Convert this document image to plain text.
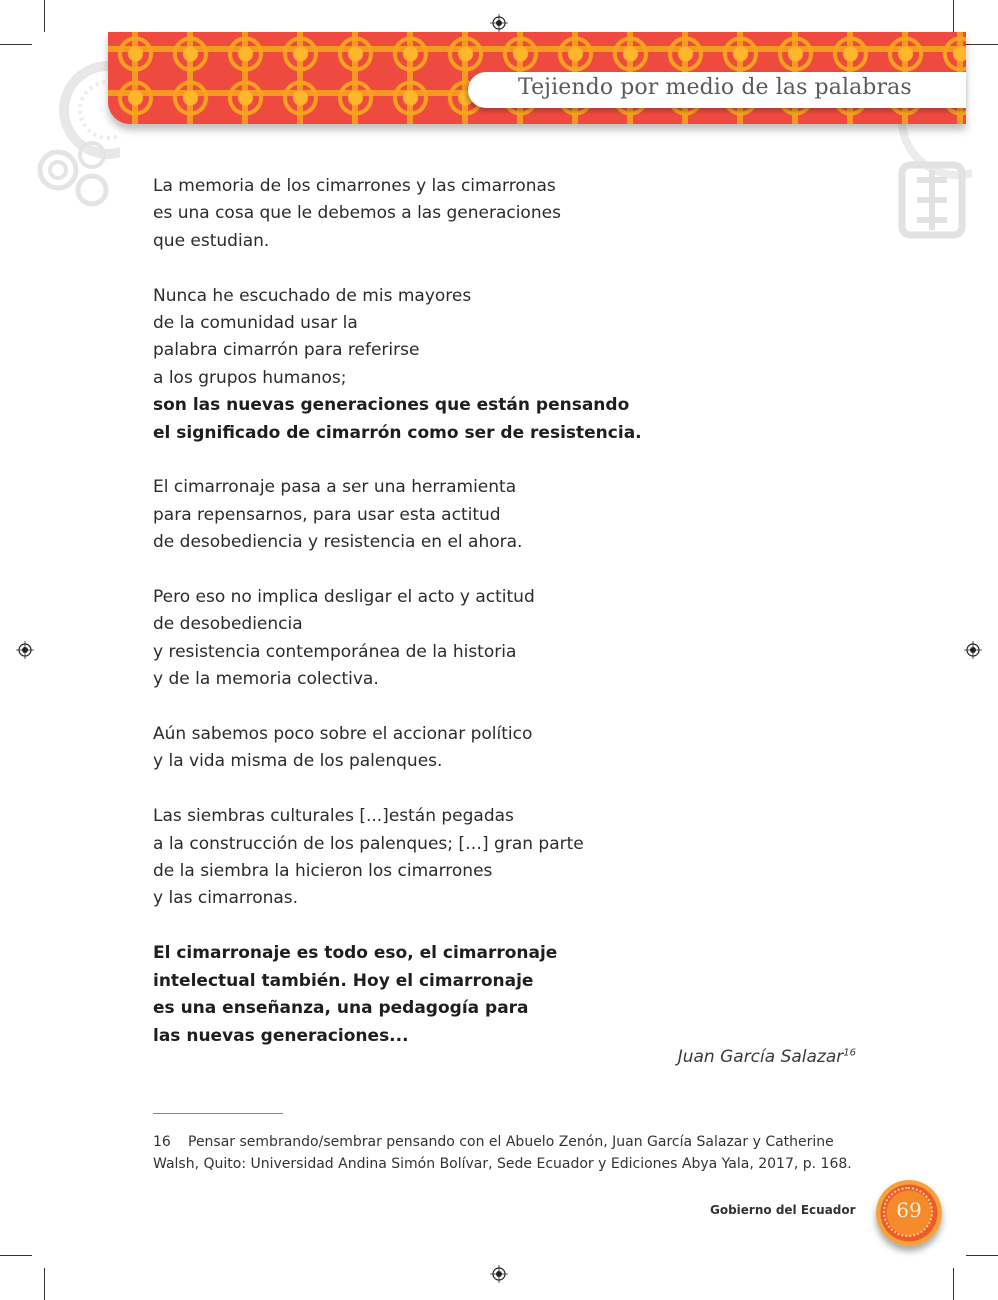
Tejiendo por medio de las palabras
La memoria de los cimarrones y las cimarronas
es una cosa que le debemos a las generaciones
que estudian.
Nunca he escuchado de mis mayores
de la comunidad usar la
palabra cimarrón para referirse
a los grupos humanos;
son las nuevas generaciones que están pensando
el significado de cimarrón como ser de resistencia.
El cimarronaje pasa a ser una herramienta
para repensarnos, para usar esta actitud
de desobediencia y resistencia en el ahora.
Pero eso no implica desligar el acto y actitud
de desobediencia
y resistencia contemporánea de la historia
y de la memoria colectiva.
Aún sabemos poco sobre el accionar político
y la vida misma de los palenques.
Las siembras culturales [...]están pegadas
a la construcción de los palenques; […] gran parte
de la siembra la hicieron los cimarrones
y las cimarronas.
El cimarronaje es todo eso, el cimarronaje
intelectual también. Hoy el cimarronaje
es una enseñanza, una pedagogía para
las nuevas generaciones...
Juan García Salazar$^{16}$
16 Pensar sembrando/sembrar pensando con el Abuelo Zenón, Juan García Salazar y Catherine Walsh, Quito: Universidad Andina Simón Bolívar, Sede Ecuador y Ediciones Abya Yala, 2017, p. 168.
Gobierno del Ecuador	69
